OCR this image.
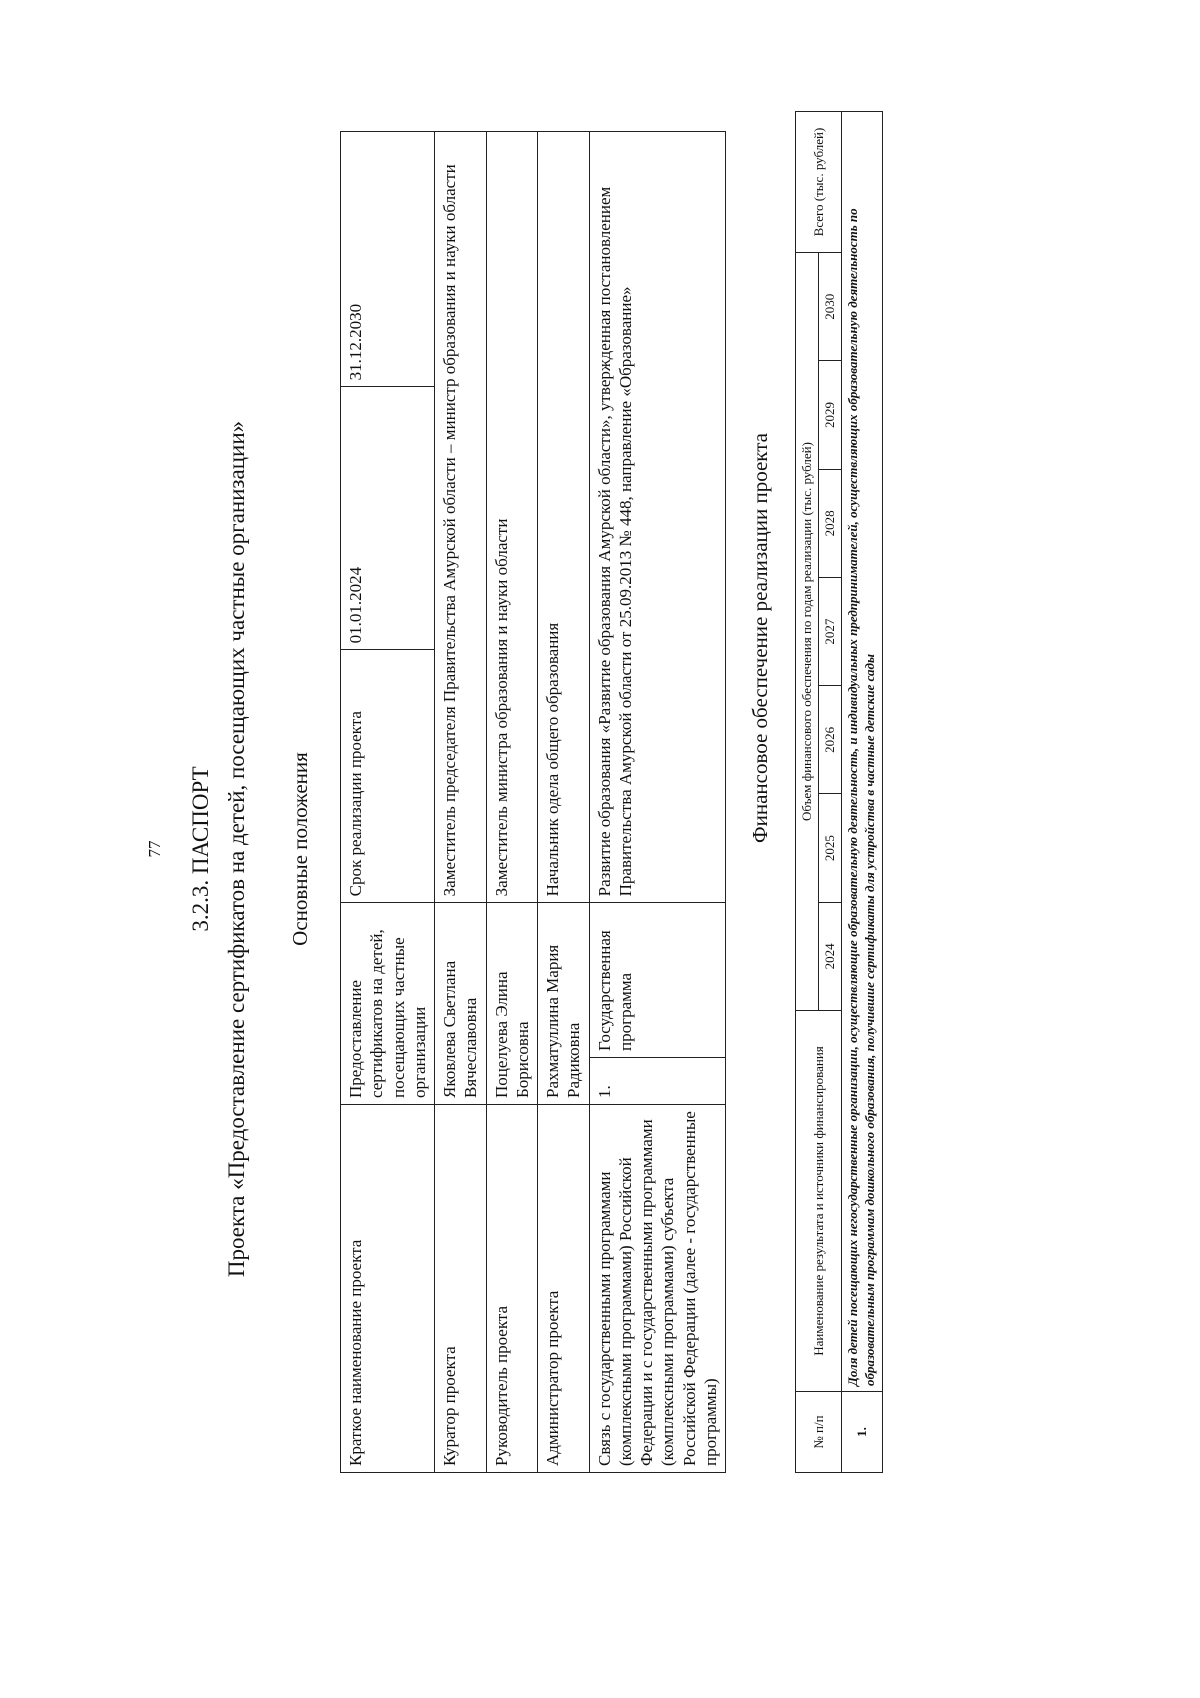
77 3.2.3. ПАСПОРТ Проекта «Предоставление сертификатов на детей, посещающих частные организации» Основные положения
Краткое наименование проекта	Предоставление сертификатов на детей, посещающих частные организации		Срок реализации проекта	01.01.2024	31.12.2030
Куратор проекта	Яковлева Светлана Вячеславовна		Заместитель председателя Правительства Амурской области – министр образования и науки области		
Руководитель проекта	Поцелуева Элина Борисовна		Заместитель министра образования и науки области		
Администратор проекта	Рахматуллина Мария Радиковна		Начальник одела общего образования		
Связь с государственными программами (комплексными программами) Российской Федерации и с государственными программами (комплексными программами) субъекта Российской Федерации (далее - государственные программы)	1.	Государственная программа	Развитие образования «Развитие образования Амурской области», утвержденная постановлением Правительства Амурской области от 25.09.2013 № 448, направление «Образование»			Финансовое обеспечение реализации проекта
№ п/п	Наименование результата и источники финансирования	Объем финансового обеспечения по годам реализации (тыс. рублей)							Всего (тыс. рублей)
		2024	2025	2026	2027	2028	2029	2030	
1.	Доля детей посещающих негосударственные организации, осуществляющие образовательную деятельность, и индивидуальных предпринимателей, осуществляющих образовательную деятельность по образовательным программам дошкольного образования, получившие сертификаты для устройства в частные детские сады								
